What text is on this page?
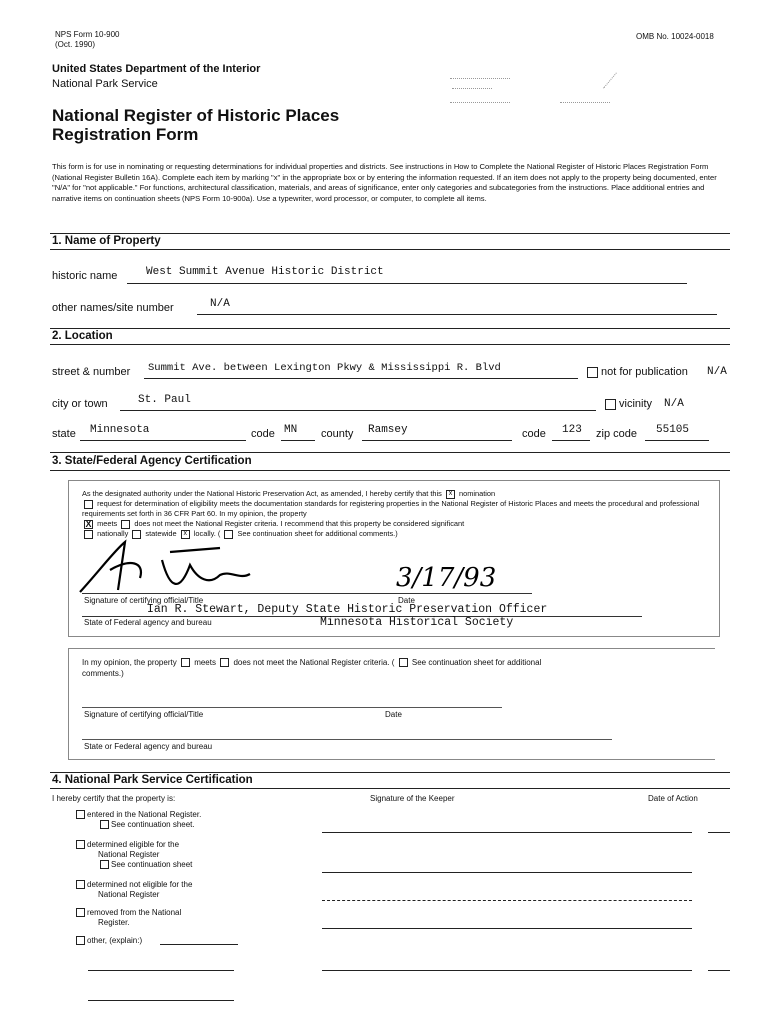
NPS Form 10-900
(Oct. 1990)
OMB No. 10024-0018
United States Department of the Interior
National Park Service
National Register of Historic Places
Registration Form
This form is for use in nominating or requesting determinations for individual properties and districts. See instructions in How to Complete the National Register of Historic Places Registration Form (National Register Bulletin 16A). Complete each item by marking "x" in the appropriate box or by entering the information requested. If an item does not apply to the property being documented, enter "N/A" for "not applicable." For functions, architectural classification, materials, and areas of significance, enter only categories and subcategories from the instructions. Place additional entries and narrative items on continuation sheets (NPS Form 10-900a). Use a typewriter, word processor, or computer, to complete all items.
1. Name of Property
historic name	West Summit Avenue Historic District
other names/site number	N/A
2. Location
street & number Summit Ave. between Lexington Pkwy & Mississippi R. Blvd	not for publication N/A
city or town	St. Paul	vicinity N/A
state Minnesota	code MN county Ramsey	code 123 zip code 55105
3. State/Federal Agency Certification
As the designated authority under the National Historic Preservation Act, as amended, I hereby certify that this x nomination
request for determination of eligibility meets the documentation standards for registering properties in the National Register of Historic Places and meets the procedural and professional requirements set forth in 36 CFR Part 60. In my opinion, the property
X meets does not meet the National Register criteria. I recommend that this property be considered significant
nationally statewide x locally. ( See continuation sheet for additional comments.)
3/17/93
Signature of certifying official/Title	Date
Ian R. Stewart, Deputy State Historic Preservation Officer
State of Federal agency and bureau	Minnesota Historical Society
In my opinion, the property meets does not meet the National Register criteria. ( See continuation sheet for additional
comments.)
Signature of certifying official/Title	Date
State or Federal agency and bureau
4. National Park Service Certification
I hereby certify that the property is:	Signature of the Keeper	Date of Action
entered in the National Register.
See continuation sheet.
determined eligible for the
National Register
See continuation sheet
determined not eligible for the
National Register
removed from the National
Register.
other, (explain:)
